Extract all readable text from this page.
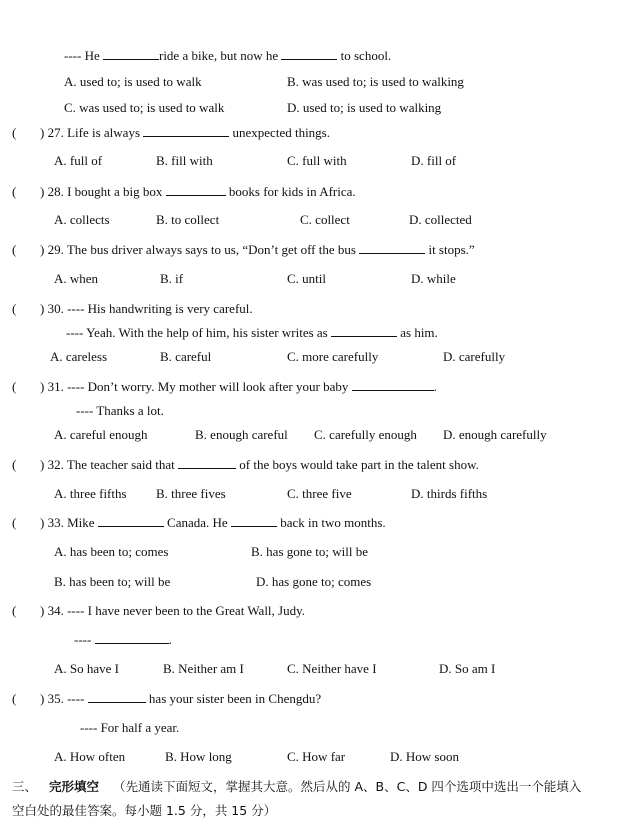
---- He	ride a bike, but now he	to school.
A. used to; is used to walk	B. was used to; is used to walking
C. was used to; is used to walk	D. used to; is used to walking
( ) 27. Life is always	unexpected things.
A. full of	B. fill with	C. full with	D. fill of
( ) 28. I bought a big box	books for kids in Africa.
A. collects	B. to collect	C. collect	D. collected
( ) 29. The bus driver always says to us, “Don’t get off the bus	it stops.”
A. when	B. if	C. until	D. while
( ) 30. ---- His handwriting is very careful.
---- Yeah. With the help of him, his sister writes as	as him.
A. careless	B. careful	C. more carefully	D. carefully
( ) 31. ---- Don’t worry. My mother will look after your baby	.
---- Thanks a lot.
A. careful enough	B. enough careful C. carefully enough D. enough carefully
( ) 32. The teacher said that	of the boys would take part in the talent show.
A. three fifths B. three fives	C. three five	D. thirds fifths
( ) 33. Mike	Canada. He	back in two months.
A. has been to; comes	B. has gone to; will be
B. has been to; will be	D. has gone to; comes
( ) 34. ---- I have never been to the Great Wall, Judy.
----	.
A. So have I	B. Neither am I	C. Neither have I	D. So am I
( ) 35. ----	has your sister been in Chengdu?
---- For half a year.
A. How often	B. How long	C. How far	D. How soon
三、 完形填空 （先通读下面短文，掌握其大意。然后从的 A、B、C、D 四个选项中选出一个能填入
空白处的最佳答案。每小题 1.5 分，共 15 分）
